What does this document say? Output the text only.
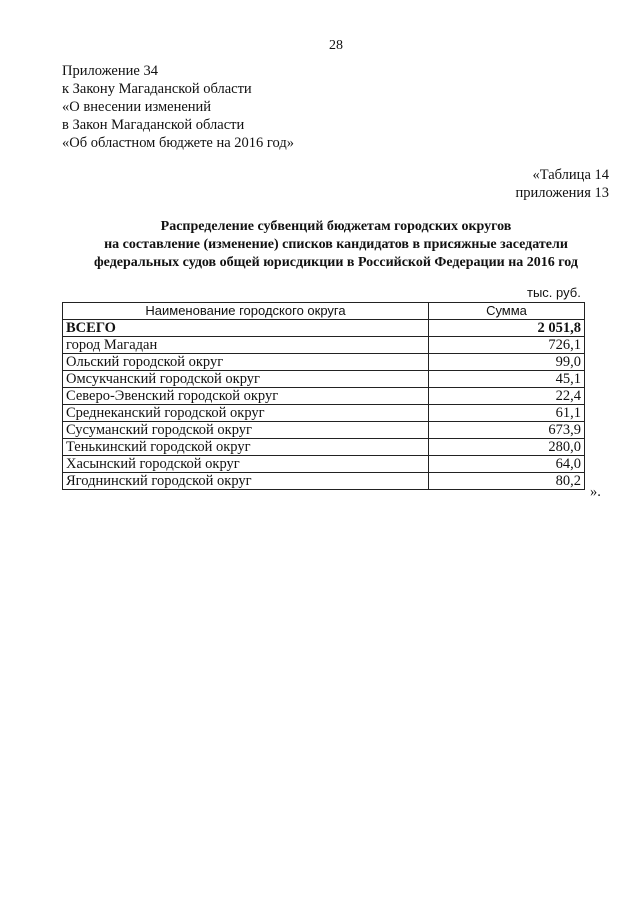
28
Приложение 34
к Закону Магаданской области
«О внесении изменений
в Закон Магаданской области
«Об областном бюджете на 2016 год»
«Таблица 14
приложения 13
Распределение субвенций бюджетам городских округов
на составление (изменение) списков кандидатов в присяжные заседатели
федеральных судов общей юрисдикции в Российской Федерации на 2016 год
тыс. руб.
Наименование городского округа	Сумма
ВСЕГО	2 051,8
город Магадан	726,1
Ольский городской округ	99,0
Омсукчанский городской округ	45,1
Северо-Эвенский городской округ	22,4
Среднеканский городской округ	61,1
Сусуманский городской округ	673,9
Тенькинский городской округ	280,0
Хасынский городской округ	64,0
Ягоднинский городской округ	80,2
».
